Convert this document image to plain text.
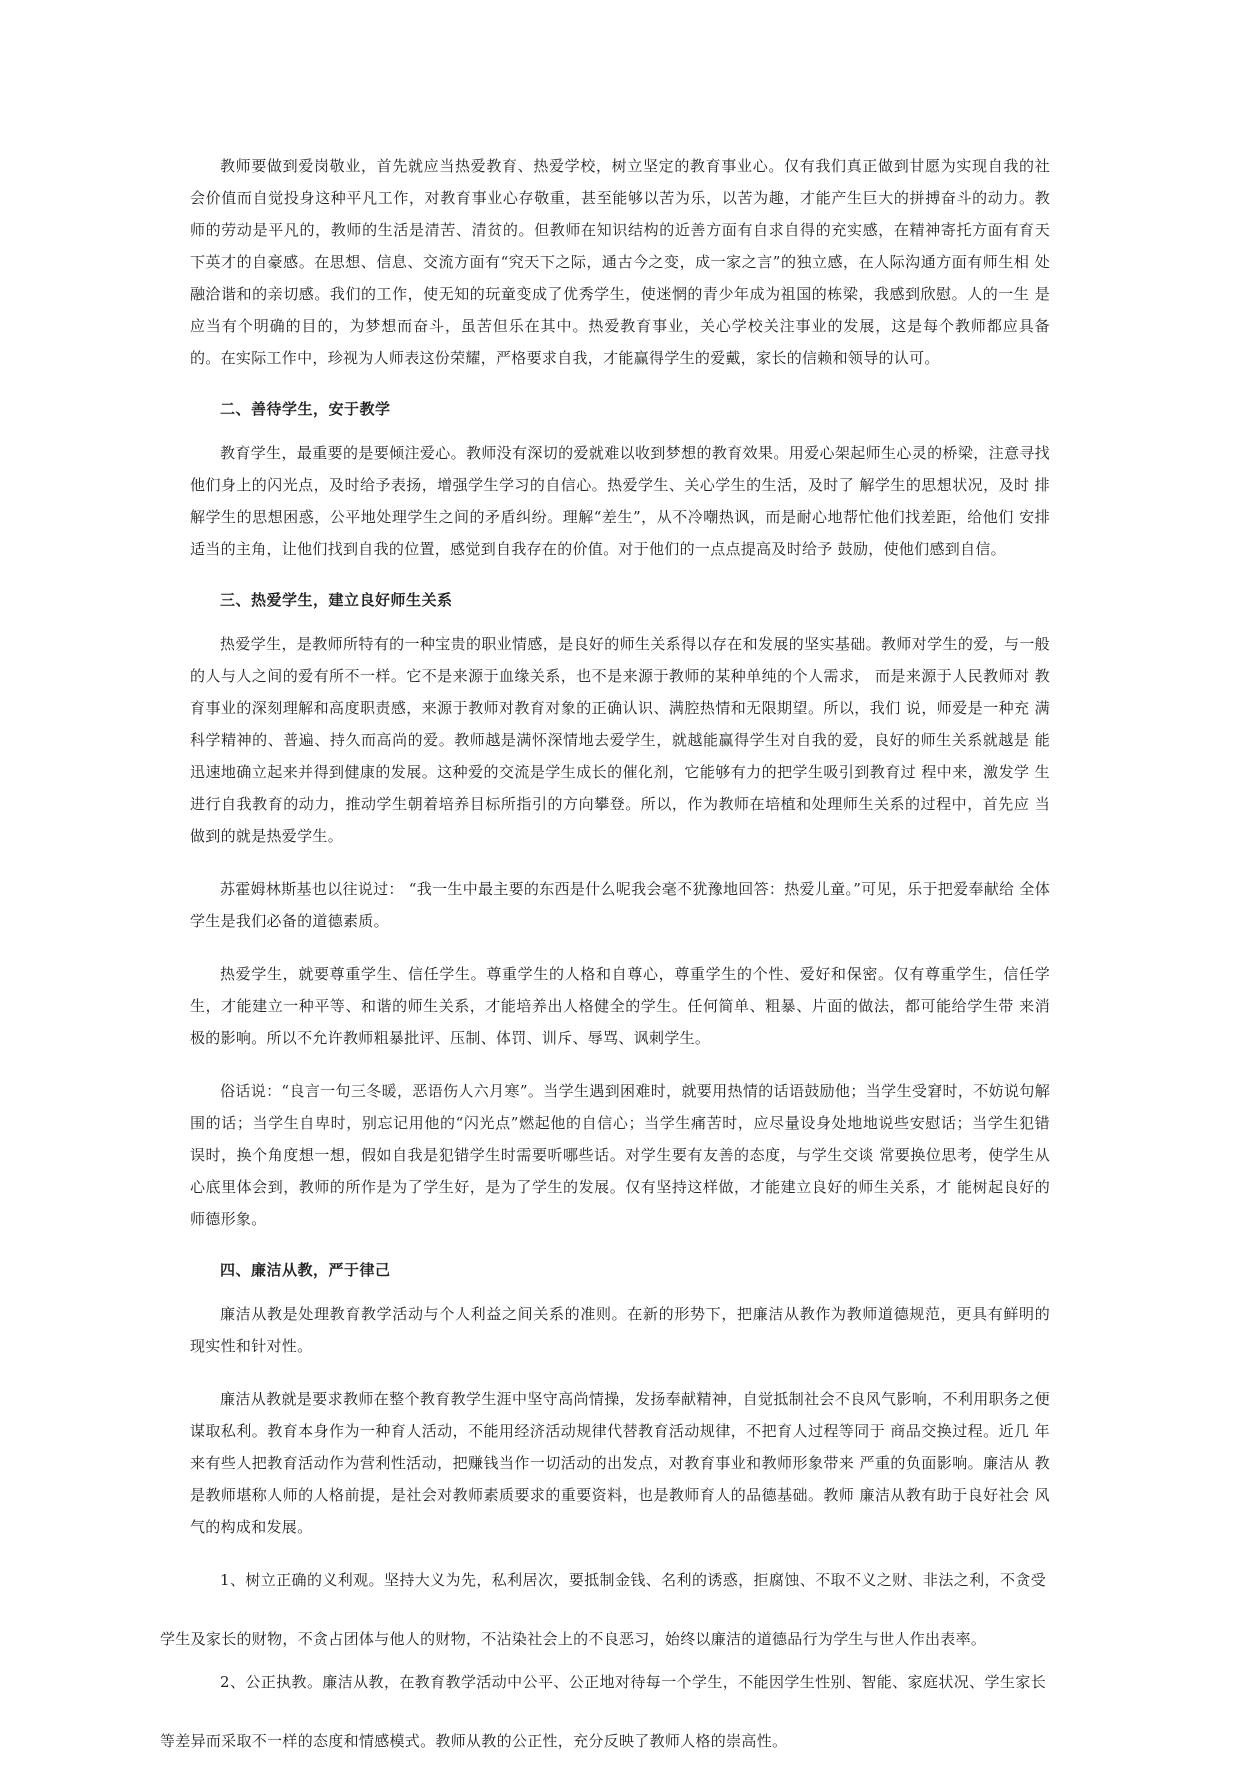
教师要做到爱岗敬业，首先就应当热爱教育、热爱学校，树立坚定的教育事业心。仅有我们真正做到甘愿为实现自我的社 会价值而自觉投身这种平凡工作，对教育事业心存敬重，甚至能够以苦为乐，以苦为趣，才能产生巨大的拼搏奋斗的动力。教 师的劳动是平凡的，教师的生活是清苦、清贫的。但教师在知识结构的近善方面有自求自得的充实感，在精神寄托方面有育天 下英才的自豪感。在思想、信息、交流方面有“究天下之际，通古今之变，成一家之言”的独立感，在人际沟通方面有师生相 处融洽谐和的亲切感。我们的工作，使无知的玩童变成了优秀学生，使迷惘的青少年成为祖国的栋梁，我感到欣慰。人的一生 是应当有个明确的目的，为梦想而奋斗，虽苦但乐在其中。热爱教育事业，关心学校关注事业的发展，这是每个教师都应具备 的。在实际工作中，珍视为人师表这份荣耀，严格要求自我，才能赢得学生的爱戴，家长的信赖和领导的认可。

二、善待学生，安于教学

教育学生，最重要的是要倾注爱心。教师没有深切的爱就难以收到梦想的教育效果。用爱心架起师生心灵的桥梁，注意寻找他们身上的闪光点，及时给予表扬，增强学生学习的自信心。热爱学生、关心学生的生活，及时了 解学生的思想状况，及时 排解学生的思想困惑，公平地处理学生之间的矛盾纠纷。理解“差生”，从不冷嘲热讽，而是耐心地帮忙他们找差距，给他们 安排适当的主角，让他们找到自我的位置，感觉到自我存在的价值。对于他们的一点点提高及时给予 鼓励，使他们感到自信。

三、热爱学生，建立良好师生关系

热爱学生，是教师所特有的一种宝贵的职业情感，是良好的师生关系得以存在和发展的坚实基础。教师对学生的爱，与一般的人与人之间的爱有所不一样。它不是来源于血缘关系，也不是来源于教师的某种单纯的个人需求， 而是来源于人民教师对 教育事业的深刻理解和高度职责感，来源于教师对教育对象的正确认识、满腔热情和无限期望。所以，我们 说，师爱是一种充 满科学精神的、普遍、持久而高尚的爱。教师越是满怀深情地去爱学生，就越能赢得学生对自我的爱，良好的师生关系就越是 能迅速地确立起来并得到健康的发展。这种爱的交流是学生成长的催化剂，它能够有力的把学生吸引到教育过 程中来，激发学 生进行自我教育的动力，推动学生朝着培养目标所指引的方向攀登。所以，作为教师在培植和处理师生关系的过程中，首先应 当做到的就是热爱学生。

苏霍姆林斯基也以往说过： “我一生中最主要的东西是什么呢我会毫不犹豫地回答：热爱儿童。”可见，乐于把爱奉献给 全体学生是我们必备的道德素质。

热爱学生，就要尊重学生、信任学生。尊重学生的人格和自尊心，尊重学生的个性、爱好和保密。仅有尊重学生，信任学生，才能建立一种平等、和谐的师生关系，才能培养出人格健全的学生。任何简单、粗暴、片面的做法，都可能给学生带 来消 极的影响。所以不允许教师粗暴批评、压制、体罚、训斥、辱骂、讽刺学生。

俗话说：“良言一句三冬暖，恶语伤人六月寒”。当学生遇到困难时，就要用热情的话语鼓励他；当学生受窘时，不妨说句解围的话；当学生自卑时，别忘记用他的“闪光点”燃起他的自信心；当学生痛苦时，应尽量设身处地地说些安慰话；当学生犯错 误时，换个角度想一想，假如自我是犯错学生时需要听哪些话。对学生要有友善的态度，与学生交谈 常要换位思考，使学生从 心底里体会到，教师的所作是为了学生好，是为了学生的发展。仅有坚持这样做，才能建立良好的师生关系，才 能树起良好的 师德形象。

四、廉洁从教，严于律己

廉洁从教是处理教育教学活动与个人利益之间关系的准则。在新的形势下，把廉洁从教作为教师道德规范，更具有鲜明的 现实性和针对性。

廉洁从教就是要求教师在整个教育教学生涯中坚守高尚情操，发扬奉献精神，自觉抵制社会不良风气影响，不利用职务之便谋取私利。教育本身作为一种育人活动，不能用经济活动规律代替教育活动规律，不把育人过程等同于 商品交换过程。近几 年来有些人把教育活动作为营利性活动，把赚钱当作一切活动的出发点，对教育事业和教师形象带来 严重的负面影响。廉洁从 教是教师堪称人师的人格前提，是社会对教师素质要求的重要资料，也是教师育人的品德基础。教师 廉洁从教有助于良好社会 风气的构成和发展。

1、树立正确的义利观。坚持大义为先，私利居次，要抵制金钱、名利的诱惑，拒腐蚀、不取不义之财、非法之利，不贪受

学生及家长的财物，不贪占团体与他人的财物，不沾染社会上的不良恶习，始终以廉洁的道德品行为学生与世人作出表率。

2、公正执教。廉洁从教，在教育教学活动中公平、公正地对待每一个学生，不能因学生性别、智能、家庭状况、学生家长

等差异而采取不一样的态度和情感模式。教师从教的公正性，充分反映了教师人格的崇高性。
